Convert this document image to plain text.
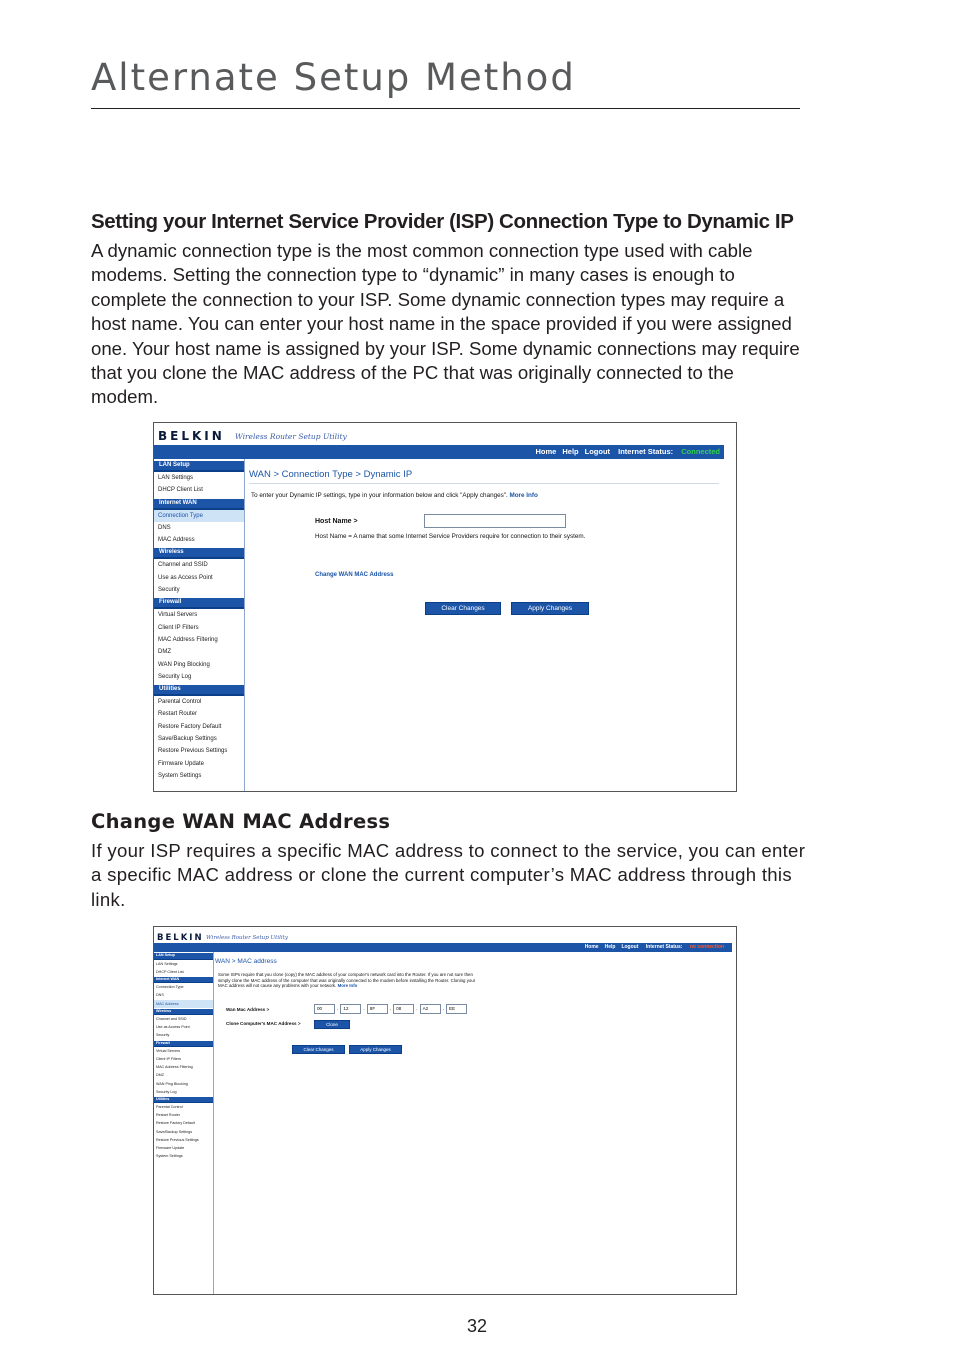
Alternate Setup Method
Setting your Internet Service Provider (ISP) Connection Type to Dynamic IP
A dynamic connection type is the most common connection type used with cable modems. Setting the connection type to “dynamic” in many cases is enough to complete the connection to your ISP. Some dynamic connection types may require a host name. You can enter your host name in the space provided if you were assigned one. Your host name is assigned by your ISP. Some dynamic connections may require that you clone the MAC address of the PC that was originally connected to the modem.
BELKIN Wireless Router Setup Utility
Home Help Logout Internet Status: Connected
LAN Setup
LAN Settings
DHCP Client List
Internet WAN
Connection Type
DNS
MAC Address
Wireless
Channel and SSID
Use as Access Point
Security
Firewall
Virtual Servers
Client IP Filters
MAC Address Filtering
DMZ
WAN Ping Blocking
Security Log
Utilities
Parental Control
Restart Router
Restore Factory Default
Save/Backup Settings
Restore Previous Settings
Firmware Update
System Settings
WAN > Connection Type > Dynamic IP
To enter your Dynamic IP settings, type in your information below and click "Apply changes". More Info
Host Name >
Host Name = A name that some Internet Service Providers require for connection to their system.
Change WAN MAC Address
Clear Changes	Apply Changes
Change WAN MAC Address
If your ISP requires a specific MAC address to connect to the service, you can enter a specific MAC address or clone the current computer’s MAC address through this link.
BELKIN Wireless Router Setup Utility
Home Help Logout Internet Status: no connection
LAN Setup
LAN Settings
DHCP Client List
Internet WAN
Connection Type
DNS
MAC Address
Wireless
Channel and SSID
Use as Access Point
Security
Firewall
Virtual Servers
Client IP Filters
MAC Address Filtering
DMZ
WAN Ping Blocking
Security Log
Utilities
Parental Control
Restart Router
Restore Factory Default
Save/Backup Settings
Restore Previous Settings
Firmware Update
System Settings
WAN > MAC address
Some ISPs require that you clone (copy) the MAC address of your computer's network card into the Router. If you are not sure then simply clone the MAC address of the computer that was originally connected to the modem before installing the Router. Cloning your MAC address will not cause any problems with your network. More Info
Wan Mac Address >	00	. 12	. 8F	. 08	. A2	. EE
Clone Computer's MAC Address >	Clone
Clear Changes	Apply Changes
32
